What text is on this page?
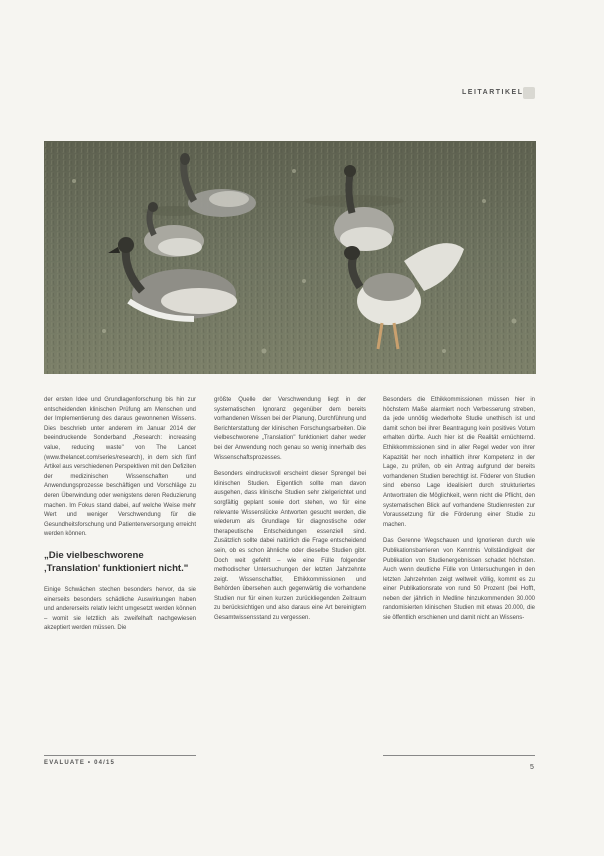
LEITARTIKEL

der ersten Idee und Grundlagenforschung bis hin zur entscheidenden klinischen Prüfung am Menschen und der Implementierung des daraus gewonnenen Wissens. Dies beschrieb unter anderem im Januar 2014 der beeindruckende Sonderband „Research: increasing value, reducing waste" von The Lancet (www.thelancet.com/series/research), in dem sich fünf Artikel aus verschiedenen Perspektiven mit den Defiziten der medizinischen Wissenschaften und Anwendungsprozesse beschäftigen und Vorschläge zu deren Überwindung oder wenigstens deren Reduzierung machen. Im Fokus stand dabei, auf welche Weise mehr Wert und weniger Verschwendung für die Gesundheitsforschung und Patientenversorgung erreicht werden können.

„Die vielbeschworene ‚Translation' funktioniert nicht."

Einige Schwächen stechen besonders hervor, da sie einerseits besonders schädliche Auswirkungen haben und andererseits relativ leicht umgesetzt werden können – womit sie letztlich als zweifelhaft nachgewiesen akzeptiert werden müssen. Die

größte Quelle der Verschwendung liegt in der systematischen Ignoranz gegenüber dem bereits vorhandenen Wissen bei der Planung, Durchführung und Berichterstattung der klinischen Forschungsarbeiten. Die vielbeschworene „Translation" funktioniert daher weder bei der Anwendung noch genau so wenig innerhalb des Wissenschaftsprozesses.

Besonders eindrucksvoll erscheint dieser Sprengel bei klinischen Studien. Eigentlich sollte man davon ausgehen, dass klinische Studien sehr zielgerichtet und sorgfältig geplant sowie dort stehen, wo für eine relevante Wissenslücke Antworten gesucht werden, die wiederum als Grundlage für diagnostische oder therapeutische Entscheidungen essenziell sind. Zusätzlich sollte dabei natürlich die Frage entscheidend sein, ob es schon ähnliche oder dieselbe Studien gibt. Doch weit gefehlt – wie eine Fülle folgender methodischer Untersuchungen der letzten Jahrzehnte zeigt. Wissenschaftler, Ethikkommissionen und Behörden übersehen auch gegenwärtig die vorhandene Studien nur für einen kurzen zurückliegenden Zeitraum zu berücksichtigen und also daraus eine Art bereinigtem Gesamtwissensstand zu vergessen.

Besonders die Ethikkommissionen müssen hier in höchstem Maße alarmiert noch Verbesserung streben, da jede unnötig wiederholte Studie unethisch ist und damit schon bei ihrer Beantragung kein positives Votum erhalten dürfte. Auch hier ist die Realität ernüchternd. Ethikkommissionen sind in aller Regel weder von ihrer Kapazität her noch inhaltlich ihrer Kompetenz in der Lage, zu prüfen, ob ein Antrag aufgrund der bereits vorhandenen Studien berechtigt ist. Föderer von Studien sind ebenso Lage idealisiert durch strukturiertes Antwortraten die Möglichkeit, wenn nicht die Pflicht, den systematischen Blick auf vorhandene Studienresten zur Voraussetzung für die Förderung einer Studie zu machen.

Das Gerenne Wegschauen und Ignorieren durch wie Publikationsbarrieren von Kenntnis Vollständigkeit der Publikation von Studienergebnissen schadet höchsten. Auch wenn deutliche Fülle von Untersuchungen in den letzten Jahrzehnten zeigt weltweit völlig, kommt es zu einer Publikationsrate von rund 50 Prozent (bei Hofft, neben der jährlich in Medline hinzukommenden 30.000 randomisierten klinischen Studien mit etwas 20.000, die sie öffentlich erschienen und damit nicht an Wissens-

EVALUATE • 04/15
5
